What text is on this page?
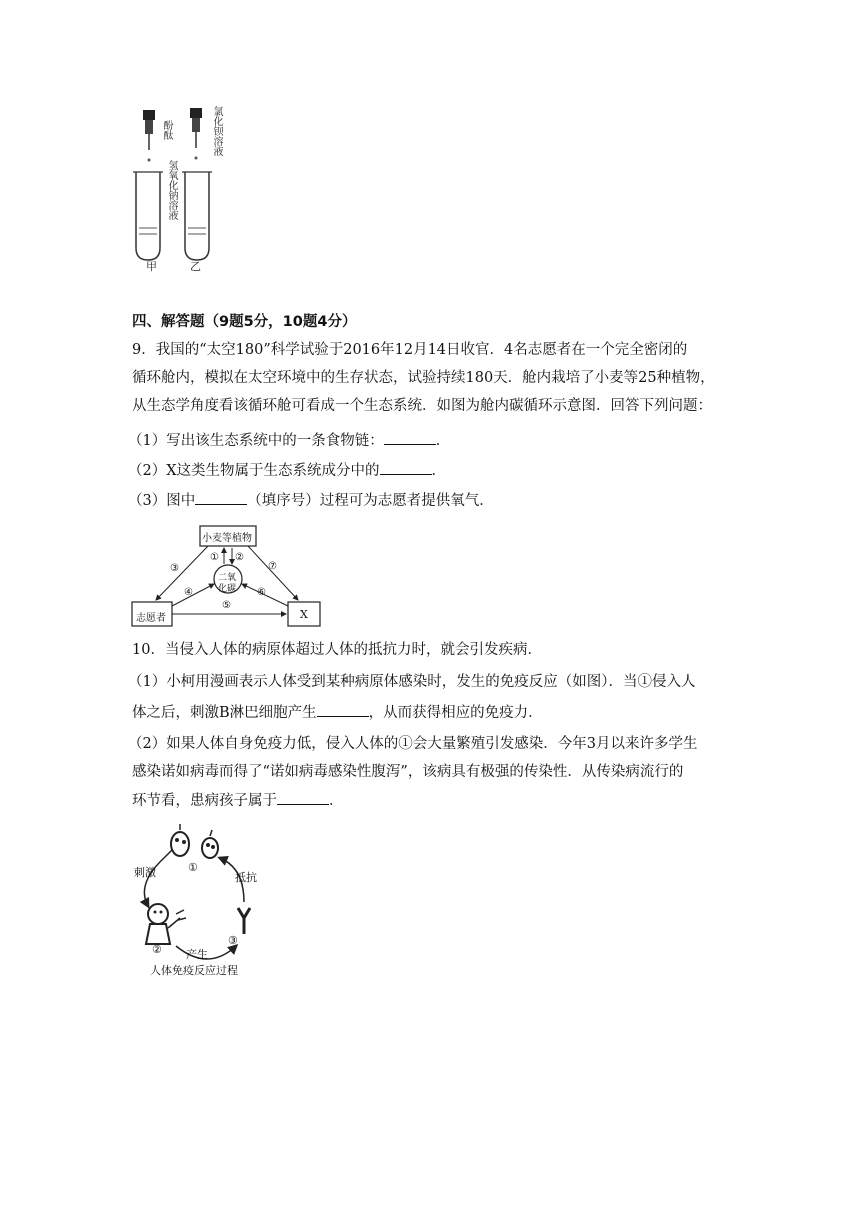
酚酞	氯化钡溶液
氢氧化钠溶液
甲	乙
四、解答题（9题5分，10题4分）
9．我国的“太空180”科学试验于2016年12月14日收官．4名志愿者在一个完全密闭的
循环舱内，模拟在太空环境中的生存状态，试验持续180天．舱内栽培了小麦等25种植物，
从生态学角度看该循环舱可看成一个生态系统．如图为舱内碳循环示意图．回答下列问题：
（1）写出该生态系统中的一条食物链：	．
（2）X这类生物属于生态系统成分中的	．
（3）图中	（填序号）过程可为志愿者提供氧气．
小麦等植物
志愿者	X
二氧
化碳
① ②
③
④
⑤
⑥
⑦
10．当侵入人体的病原体超过人体的抵抗力时，就会引发疾病．
（1）小柯用漫画表示人体受到某种病原体感染时，发生的免疫反应（如图）．当①侵入人
体之后，刺激B淋巴细胞产生	，从而获得相应的免疫力．
（2）如果人体自身免疫力低，侵入人体的①会大量繁殖引发感染．今年3月以来许多学生
感染诺如病毒而得了“诺如病毒感染性腹泻”，该病具有极强的传染性．从传染病流行的
环节看，患病孩子属于	．
刺激	抵抗
①
②
③
产生
人体免疫反应过程
